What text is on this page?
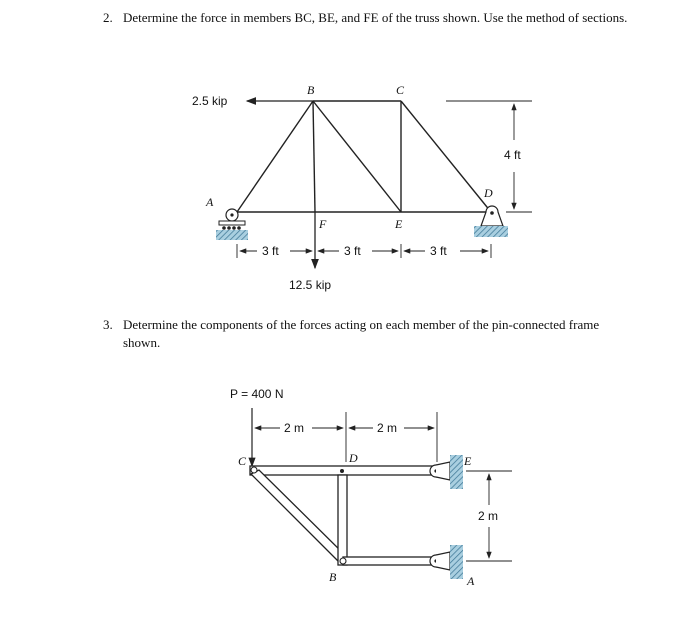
2. Determine the force in members BC, BE, and FE of the truss shown. Use the method of sections.
3. Determine the components of the forces acting on each member of the pin-connected frame shown.
2.5 kip
12.5 kip
4 ft
3 ft	3 ft	3 ft
B	C
D
A
F	E
P = 400 N
2 m	2 m
2 m
C	D	E
B	A
